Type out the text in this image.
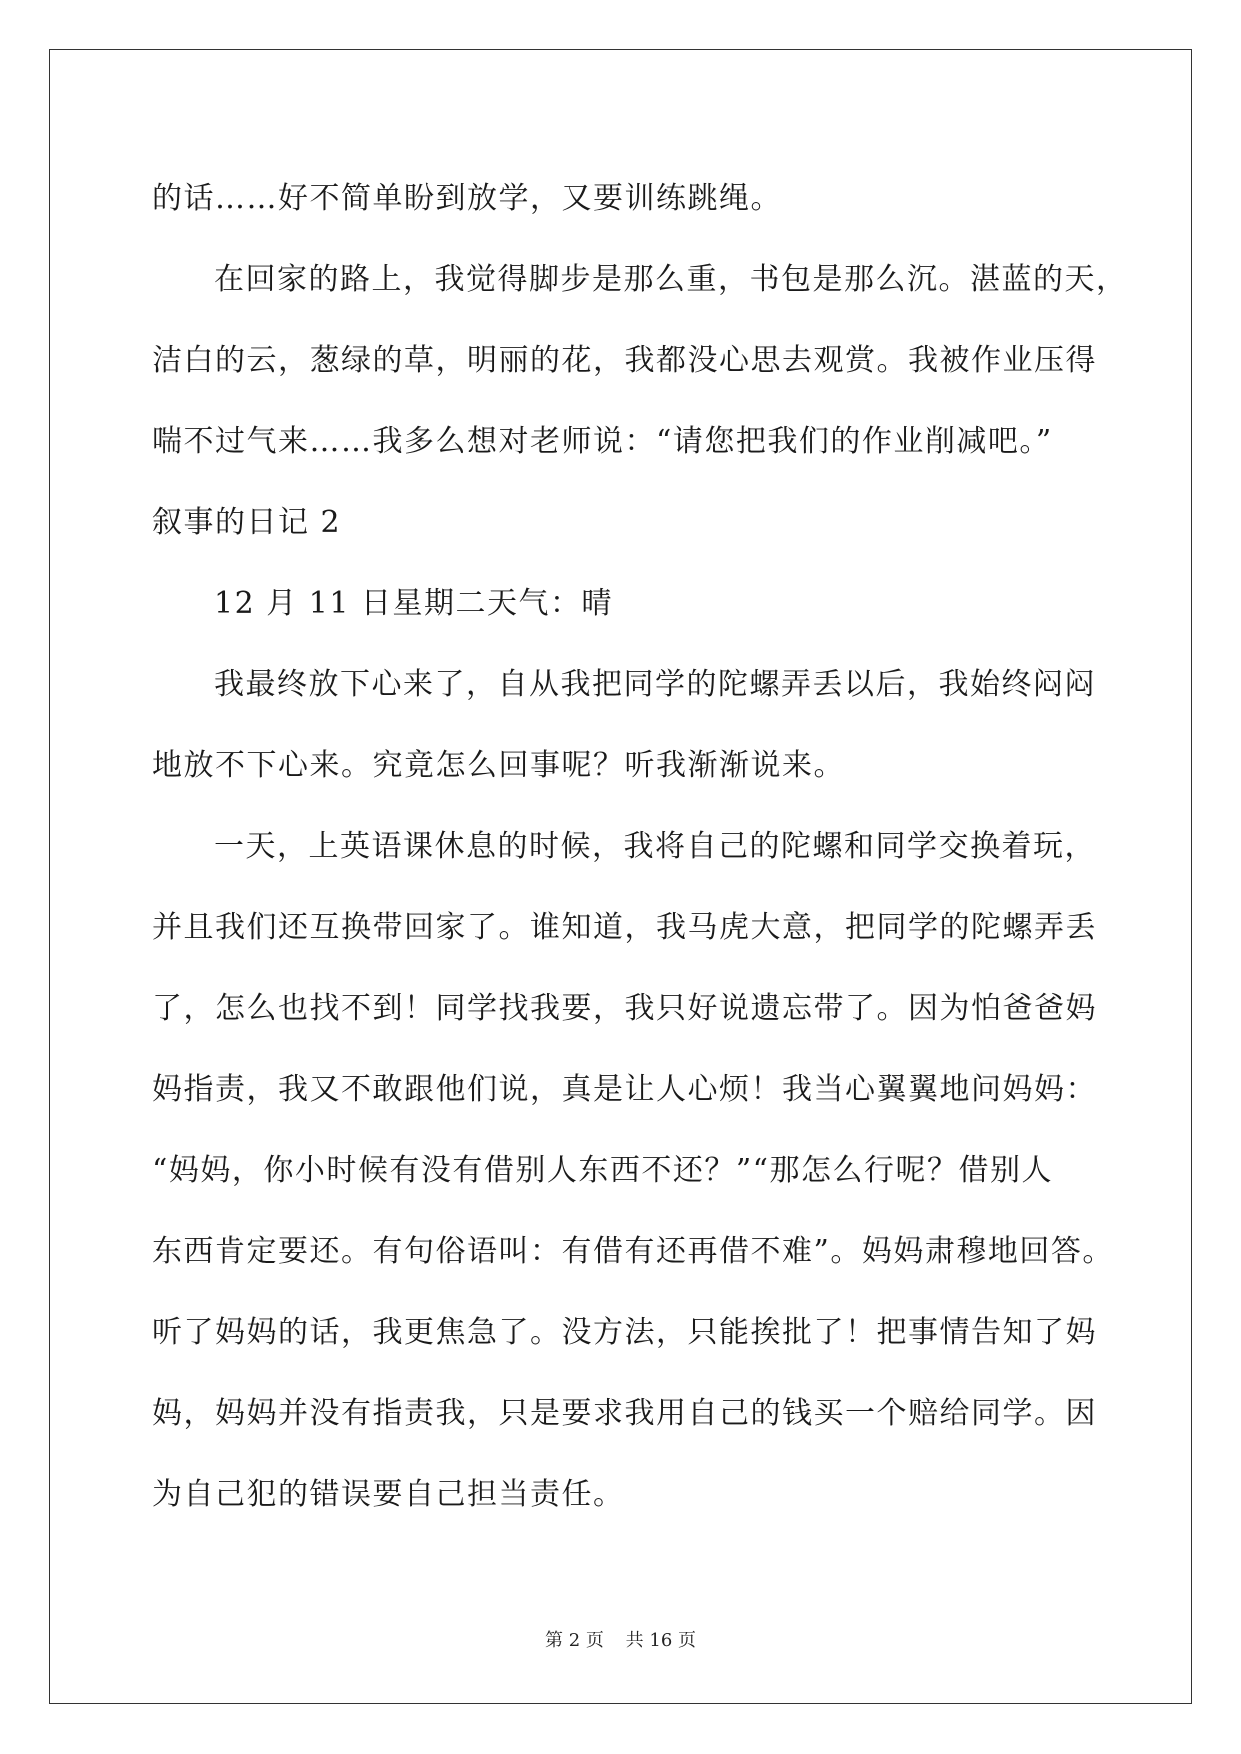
的话……好不简单盼到放学，又要训练跳绳。
在回家的路上，我觉得脚步是那么重，书包是那么沉。湛蓝的天，
洁白的云，葱绿的草，明丽的花，我都没心思去观赏。我被作业压得
喘不过气来……我多么想对老师说：“请您把我们的作业削减吧。”
叙事的日记 2
12 月 11 日星期二天气：晴
我最终放下心来了，自从我把同学的陀螺弄丢以后，我始终闷闷
地放不下心来。究竟怎么回事呢？听我渐渐说来。
一天，上英语课休息的时候，我将自己的陀螺和同学交换着玩，
并且我们还互换带回家了。谁知道，我马虎大意，把同学的陀螺弄丢
了，怎么也找不到！同学找我要，我只好说遗忘带了。因为怕爸爸妈
妈指责，我又不敢跟他们说，真是让人心烦！我当心翼翼地问妈妈：
“妈妈，你小时候有没有借别人东西不还？”“那怎么行呢？借别人
东西肯定要还。有句俗语叫：有借有还再借不难”。妈妈肃穆地回答。
听了妈妈的话，我更焦急了。没方法，只能挨批了！把事情告知了妈
妈，妈妈并没有指责我，只是要求我用自己的钱买一个赔给同学。因
为自己犯的错误要自己担当责任。
第 2 页 共 16 页
